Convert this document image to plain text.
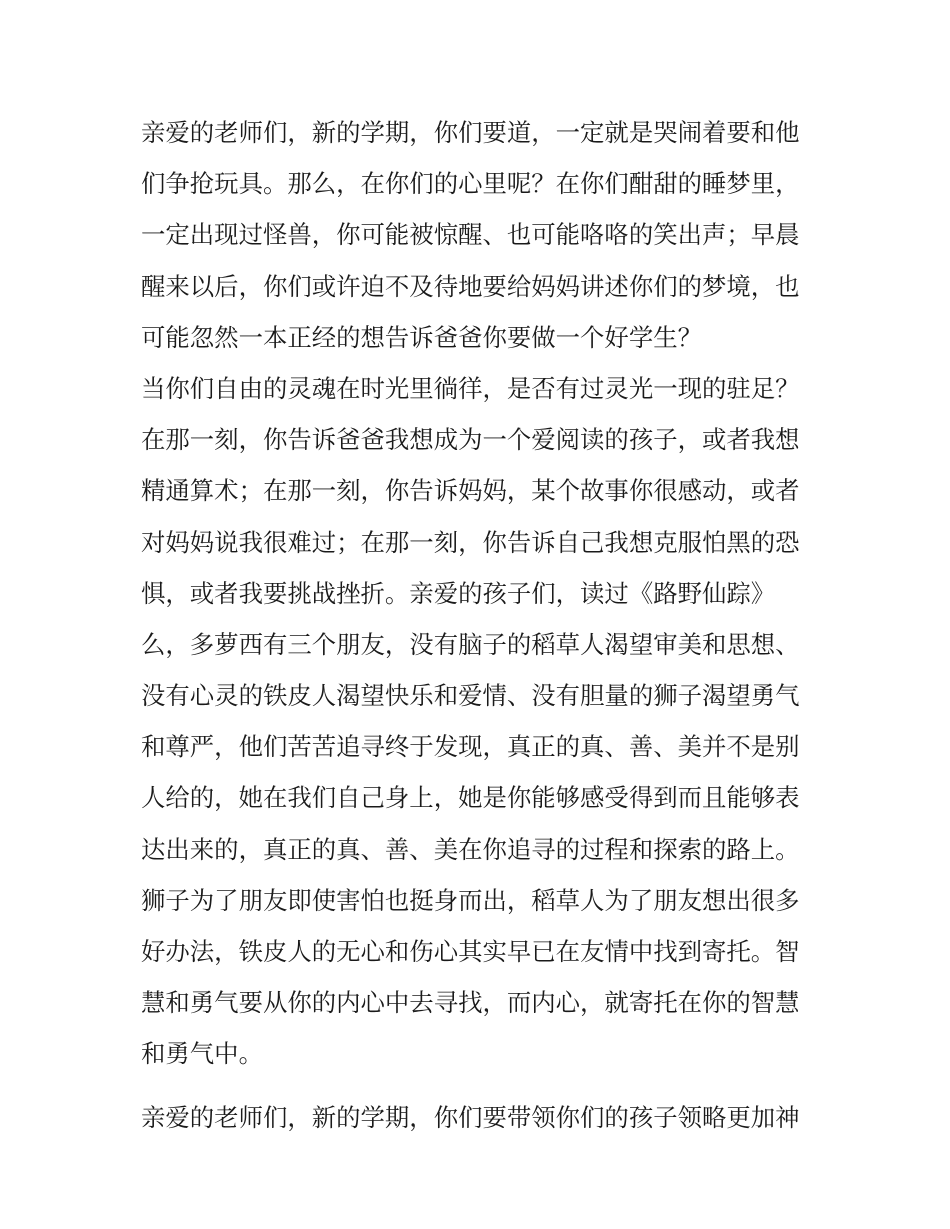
亲爱的老师们，新的学期，你们要道，一定就是哭闹着要和他
们争抢玩具。那么，在你们的心里呢？在你们酣甜的睡梦里，
一定出现过怪兽，你可能被惊醒、也可能咯咯的笑出声；早晨
醒来以后，你们或许迫不及待地要给妈妈讲述你们的梦境，也
可能忽然一本正经的想告诉爸爸你要做一个好学生？
当你们自由的灵魂在时光里徜徉，是否有过灵光一现的驻足？
在那一刻，你告诉爸爸我想成为一个爱阅读的孩子，或者我想
精通算术；在那一刻，你告诉妈妈，某个故事你很感动，或者
对妈妈说我很难过；在那一刻，你告诉自己我想克服怕黑的恐
惧，或者我要挑战挫折。亲爱的孩子们，读过《路野仙踪》
么，多萝西有三个朋友，没有脑子的稻草人渴望审美和思想、
没有心灵的铁皮人渴望快乐和爱情、没有胆量的狮子渴望勇气
和尊严，他们苦苦追寻终于发现，真正的真、善、美并不是别
人给的，她在我们自己身上，她是你能够感受得到而且能够表
达出来的，真正的真、善、美在你追寻的过程和探索的路上。
狮子为了朋友即使害怕也挺身而出，稻草人为了朋友想出很多
好办法，铁皮人的无心和伤心其实早已在友情中找到寄托。智
慧和勇气要从你的内心中去寻找，而内心，就寄托在你的智慧
和勇气中。
亲爱的老师们，新的学期，你们要带领你们的孩子领略更加神
